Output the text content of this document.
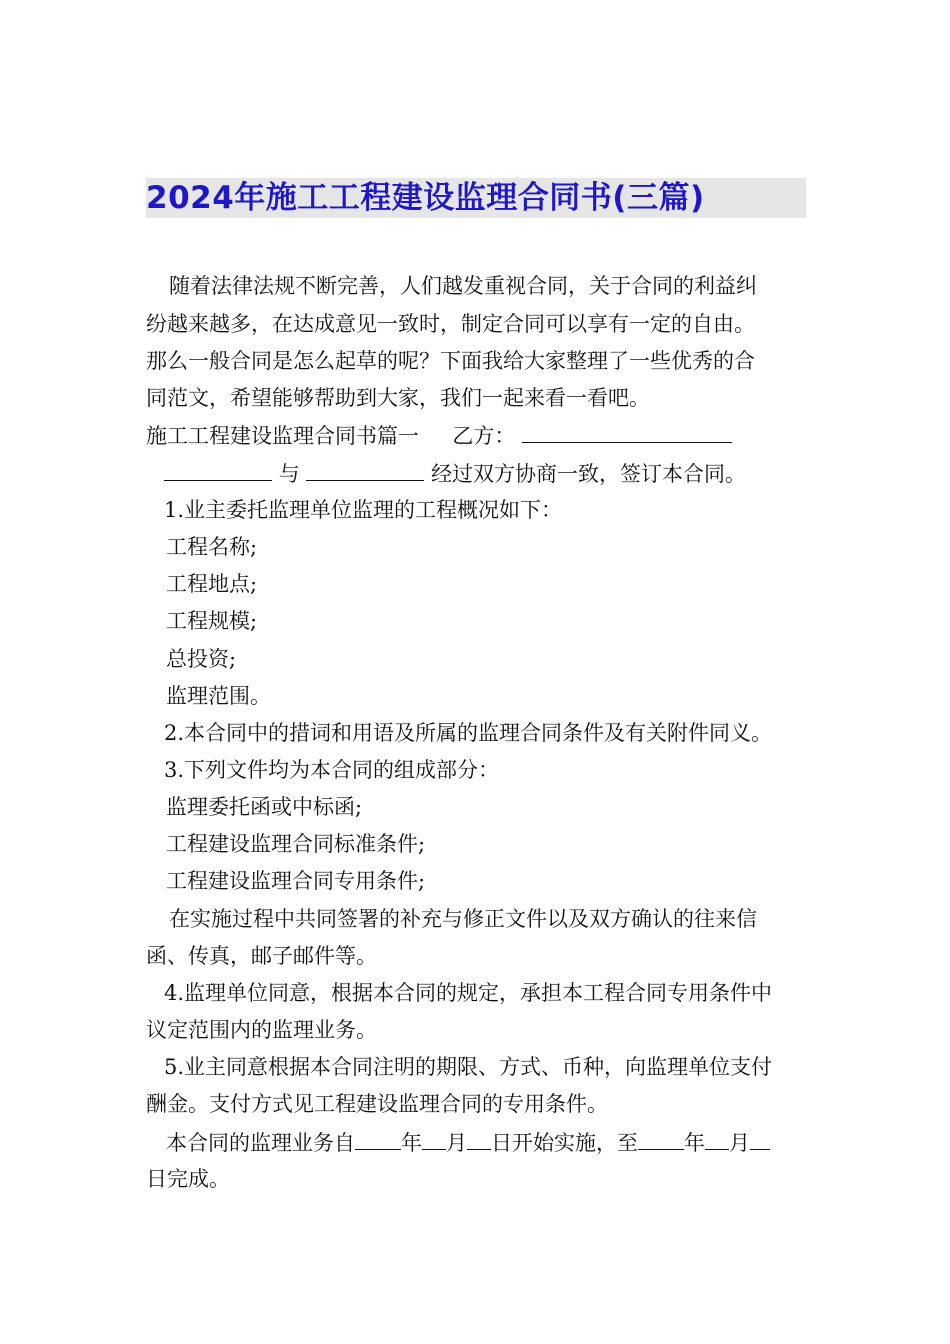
2024年施工工程建设监理合同书(三篇)
随着法律法规不断完善，人们越发重视合同，关于合同的利益纠
纷越来越多，在达成意见一致时，制定合同可以享有一定的自由。
那么一般合同是怎么起草的呢？下面我给大家整理了一些优秀的合
同范文，希望能够帮助到大家，我们一起来看一看吧。
施工工程建设监理合同书篇一 乙方：
与	经过双方协商一致，签订本合同。
1.业主委托监理单位监理的工程概况如下：
工程名称;
工程地点;
工程规模;
总投资;
监理范围。
2.本合同中的措词和用语及所属的监理合同条件及有关附件同义。
3.下列文件均为本合同的组成部分：
监理委托函或中标函;
工程建设监理合同标准条件;
工程建设监理合同专用条件;
在实施过程中共同签署的补充与修正文件以及双方确认的往来信
函、传真，邮子邮件等。
4.监理单位同意，根据本合同的规定，承担本工程合同专用条件中
议定范围内的监理业务。
5.业主同意根据本合同注明的期限、方式、币种，向监理单位支付
酬金。支付方式见工程建设监理合同的专用条件。
本合同的监理业务自 年 月 日开始实施，至 年 月
日完成。
